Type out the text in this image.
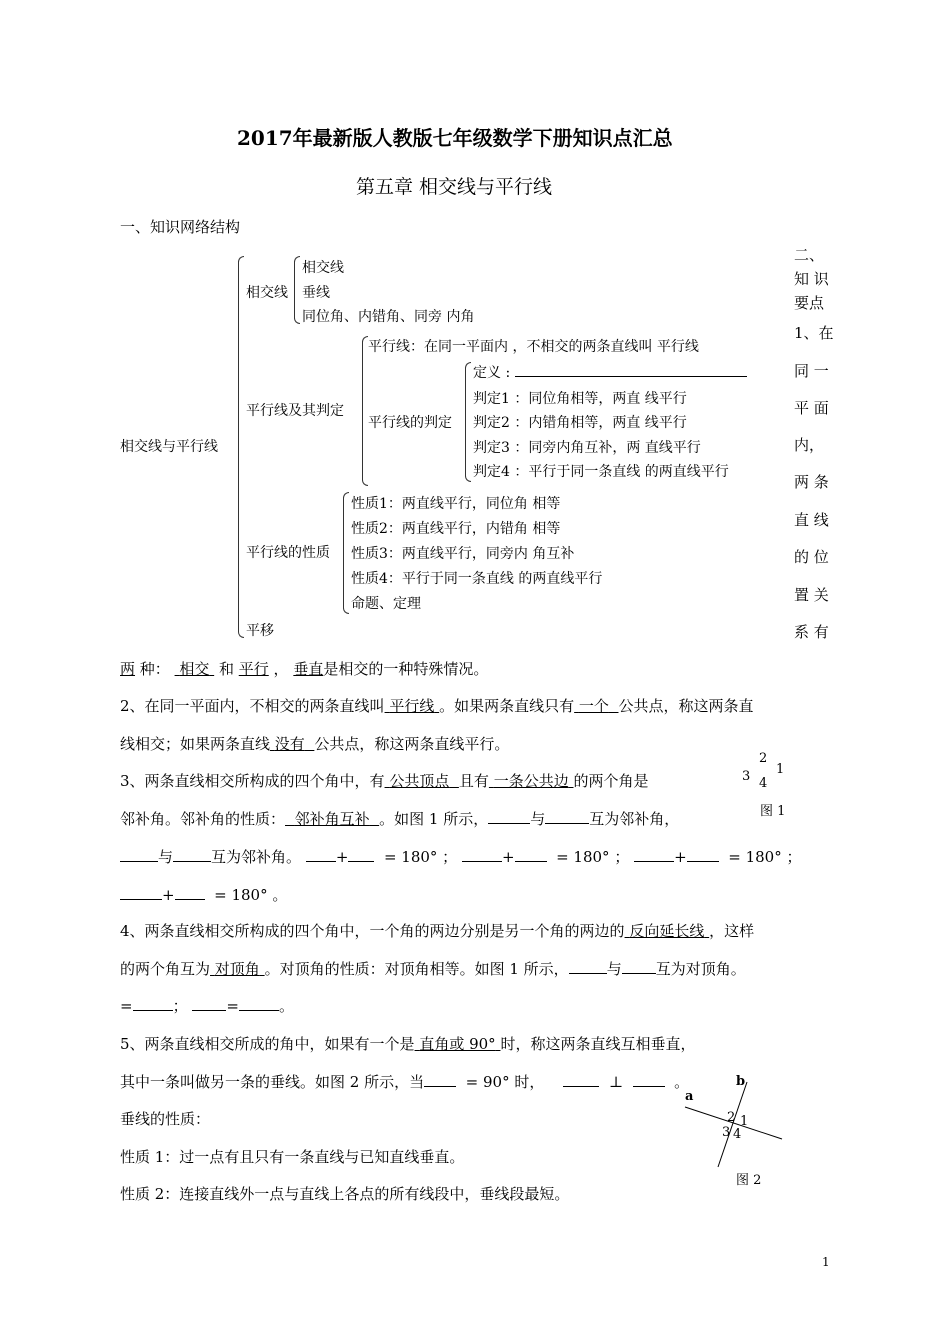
2017年最新版人教版七年级数学下册知识点汇总
第五章 相交线与平行线
一、知识网络结构
相交线与平行线
相交线
相交线
垂线
同位角、内错角、同旁 内角
平行线及其判定
平行线：在同一平面内 ，不相交的两条直线叫 平行线
平行线的判定
定义 :
判定1 ：同位角相等，两直 线平行
判定2 ：内错角相等，两直 线平行
判定3 ：同旁内角互补，两 直线平行
判定4 ：平行于同一条直线 的两直线平行
平行线的性质
性质1：两直线平行，同位角 相等
性质2：两直线平行，内错角 相等
性质3：两直线平行，同旁内 角互补
性质4：平行于同一条直线 的两直线平行
命题、定理
平移
二、
知 识
要点
1、在
同 一
平 面
内，
两 条
直 线
的 位
置 关
系 有
两 种： 相交 和 平行 ， 垂直是相交的一种特殊情况。
2、在同一平面内，不相交的两条直线叫 平行线 。如果两条直线只有 一个 公共点，称这两条直
线相交；如果两条直线 没有 公共点，称这两条直线平行。
3、两条直线相交所构成的四个角中，有 公共顶点 且有 一条公共边 的两个角是
邻补角。邻补角的性质： 邻补角互补 。如图 1 所示，	与	互为邻补角，
与	互为邻补角。 + = 180° ；	+	= 180° ；	+	= 180° ；
+	= 180° 。
2
1
3 4
图 1
4、两条直线相交所构成的四个角中，一个角的两边分别是另一个角的两边的 反向延长线 ，这样
的两个角互为 对顶角 。对顶角的性质：对顶角相等。如图 1 所示，	与 互为对顶角。
=	；	=	。
5、两条直线相交所成的角中，如果有一个是 直角或 90° 时，称这两条直线互相垂直，
其中一条叫做另一条的垂线。如图 2 所示，当	= 90° 时，	⊥	。
垂线的性质：
性质 1：过一点有且只有一条直线与已知直线垂直。
性质 2：连接直线外一点与直线上各点的所有线段中，垂线段最短。
a
b
2 1
3 4
图 2
1
